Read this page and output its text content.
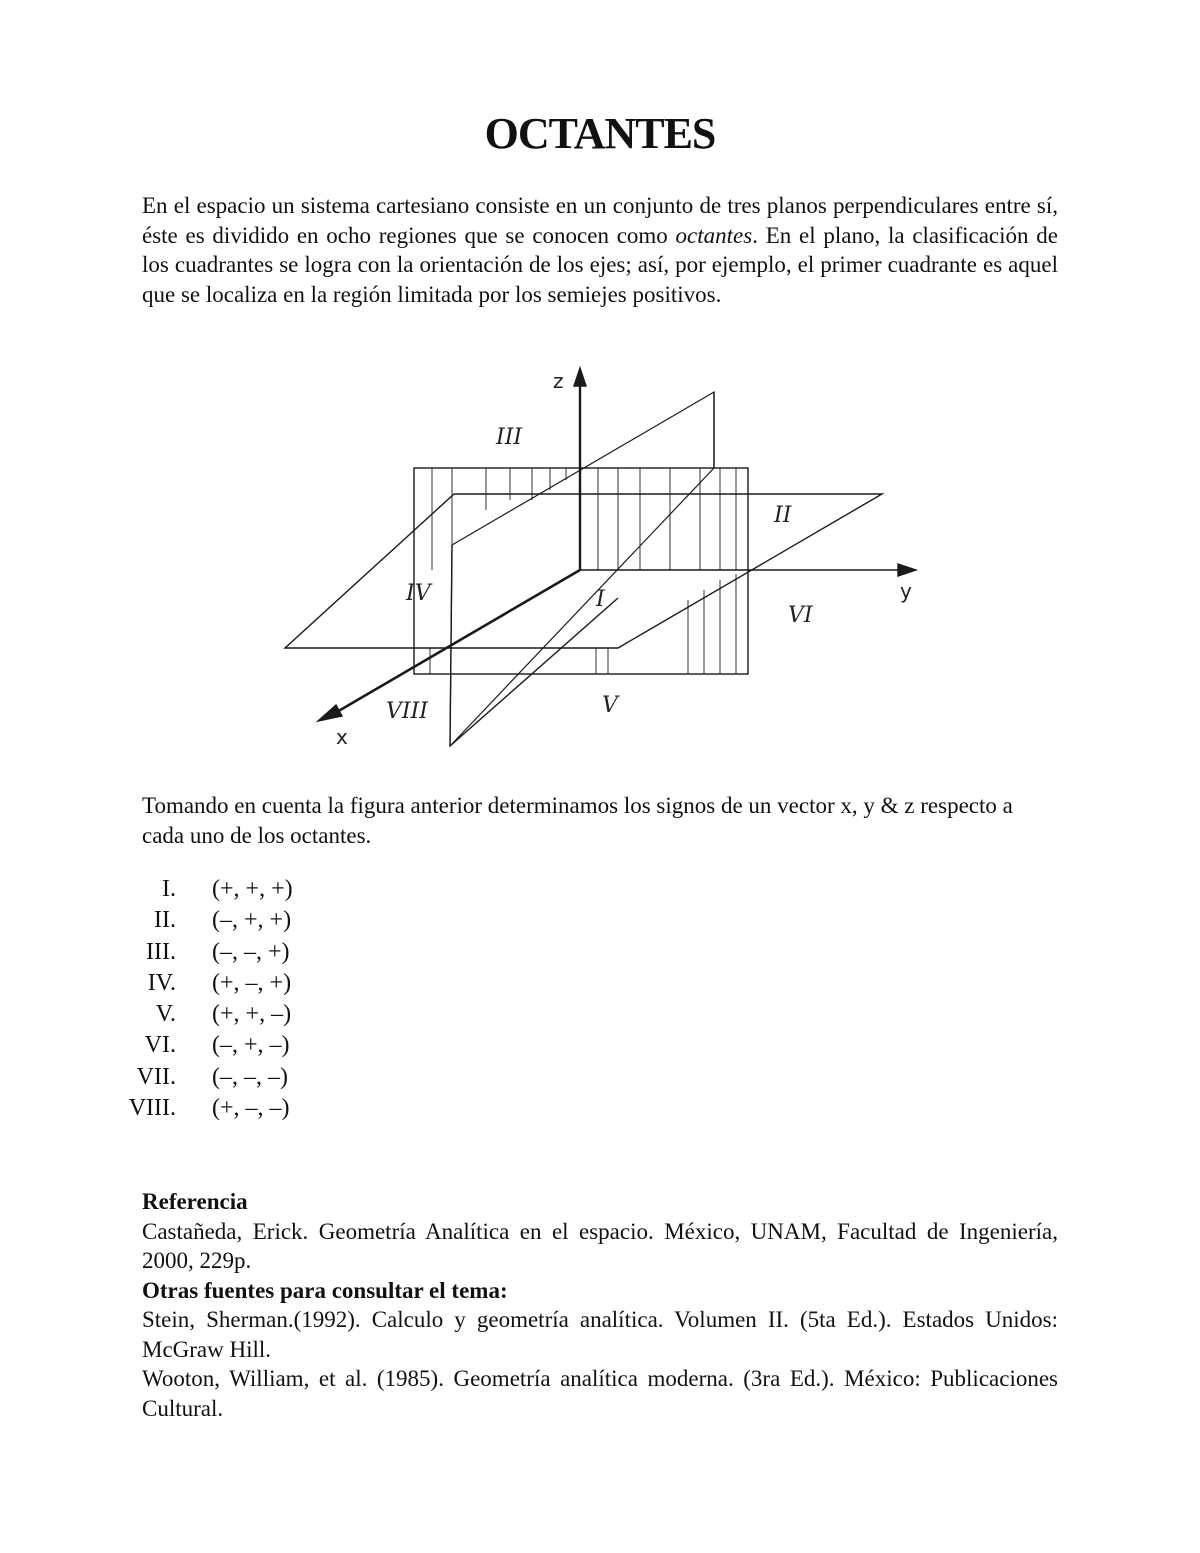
OCTANTES

En el espacio un sistema cartesiano consiste en un conjunto de tres planos perpendiculares entre sí, éste es dividido en ocho regiones que se conocen como octantes. En el plano, la clasificación de los cuadrantes se logra con la orientación de los ejes; así, por ejemplo, el primer cuadrante es aquel que se localiza en la región limitada por los semiejes positivos.

z
y
x
I
II
III
IV
V
VI
VIII

Tomando en cuenta la figura anterior determinamos los signos de un vector x, y & z respecto a cada uno de los octantes.

I. (+, +, +)
II. (–, +, +)
III. (–, –, +)
IV. (+, –, +)
V. (+, +, –)
VI. (–, +, –)
VII. (–, –, –)
VIII. (+, –, –)

Referencia

Castañeda, Erick. Geometría Analítica en el espacio. México, UNAM, Facultad de Ingeniería, 2000, 229p.

Otras fuentes para consultar el tema:

Stein, Sherman.(1992). Calculo y geometría analítica. Volumen II. (5ta Ed.). Estados Unidos: McGraw Hill.

Wooton, William, et al. (1985). Geometría analítica moderna. (3ra Ed.). México: Publicaciones Cultural.
